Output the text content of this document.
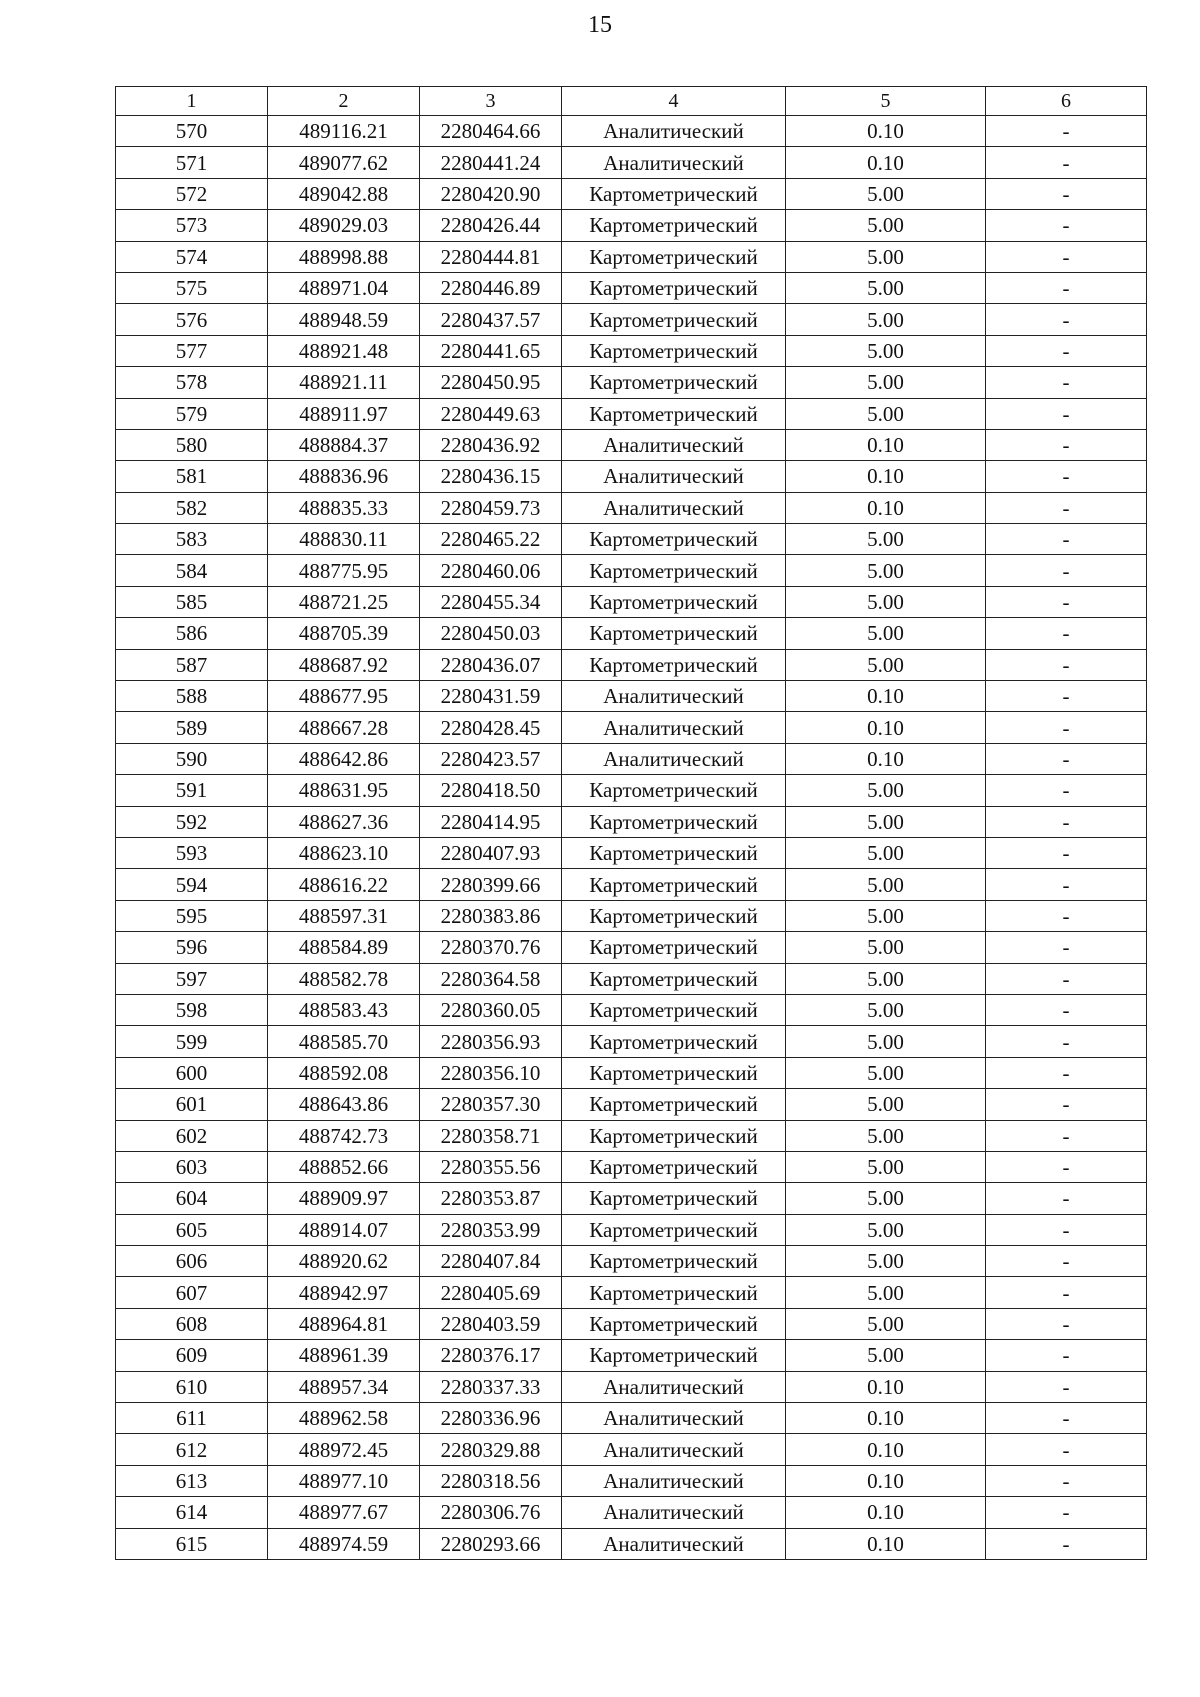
15
1	2	3	4	5	6
570	489116.21	2280464.66	Аналитический	0.10	-
571	489077.62	2280441.24	Аналитический	0.10	-
572	489042.88	2280420.90	Картометрический	5.00	-
573	489029.03	2280426.44	Картометрический	5.00	-
574	488998.88	2280444.81	Картометрический	5.00	-
575	488971.04	2280446.89	Картометрический	5.00	-
576	488948.59	2280437.57	Картометрический	5.00	-
577	488921.48	2280441.65	Картометрический	5.00	-
578	488921.11	2280450.95	Картометрический	5.00	-
579	488911.97	2280449.63	Картометрический	5.00	-
580	488884.37	2280436.92	Аналитический	0.10	-
581	488836.96	2280436.15	Аналитический	0.10	-
582	488835.33	2280459.73	Аналитический	0.10	-
583	488830.11	2280465.22	Картометрический	5.00	-
584	488775.95	2280460.06	Картометрический	5.00	-
585	488721.25	2280455.34	Картометрический	5.00	-
586	488705.39	2280450.03	Картометрический	5.00	-
587	488687.92	2280436.07	Картометрический	5.00	-
588	488677.95	2280431.59	Аналитический	0.10	-
589	488667.28	2280428.45	Аналитический	0.10	-
590	488642.86	2280423.57	Аналитический	0.10	-
591	488631.95	2280418.50	Картометрический	5.00	-
592	488627.36	2280414.95	Картометрический	5.00	-
593	488623.10	2280407.93	Картометрический	5.00	-
594	488616.22	2280399.66	Картометрический	5.00	-
595	488597.31	2280383.86	Картометрический	5.00	-
596	488584.89	2280370.76	Картометрический	5.00	-
597	488582.78	2280364.58	Картометрический	5.00	-
598	488583.43	2280360.05	Картометрический	5.00	-
599	488585.70	2280356.93	Картометрический	5.00	-
600	488592.08	2280356.10	Картометрический	5.00	-
601	488643.86	2280357.30	Картометрический	5.00	-
602	488742.73	2280358.71	Картометрический	5.00	-
603	488852.66	2280355.56	Картометрический	5.00	-
604	488909.97	2280353.87	Картометрический	5.00	-
605	488914.07	2280353.99	Картометрический	5.00	-
606	488920.62	2280407.84	Картометрический	5.00	-
607	488942.97	2280405.69	Картометрический	5.00	-
608	488964.81	2280403.59	Картометрический	5.00	-
609	488961.39	2280376.17	Картометрический	5.00	-
610	488957.34	2280337.33	Аналитический	0.10	-
611	488962.58	2280336.96	Аналитический	0.10	-
612	488972.45	2280329.88	Аналитический	0.10	-
613	488977.10	2280318.56	Аналитический	0.10	-
614	488977.67	2280306.76	Аналитический	0.10	-
615	488974.59	2280293.66	Аналитический	0.10	-
